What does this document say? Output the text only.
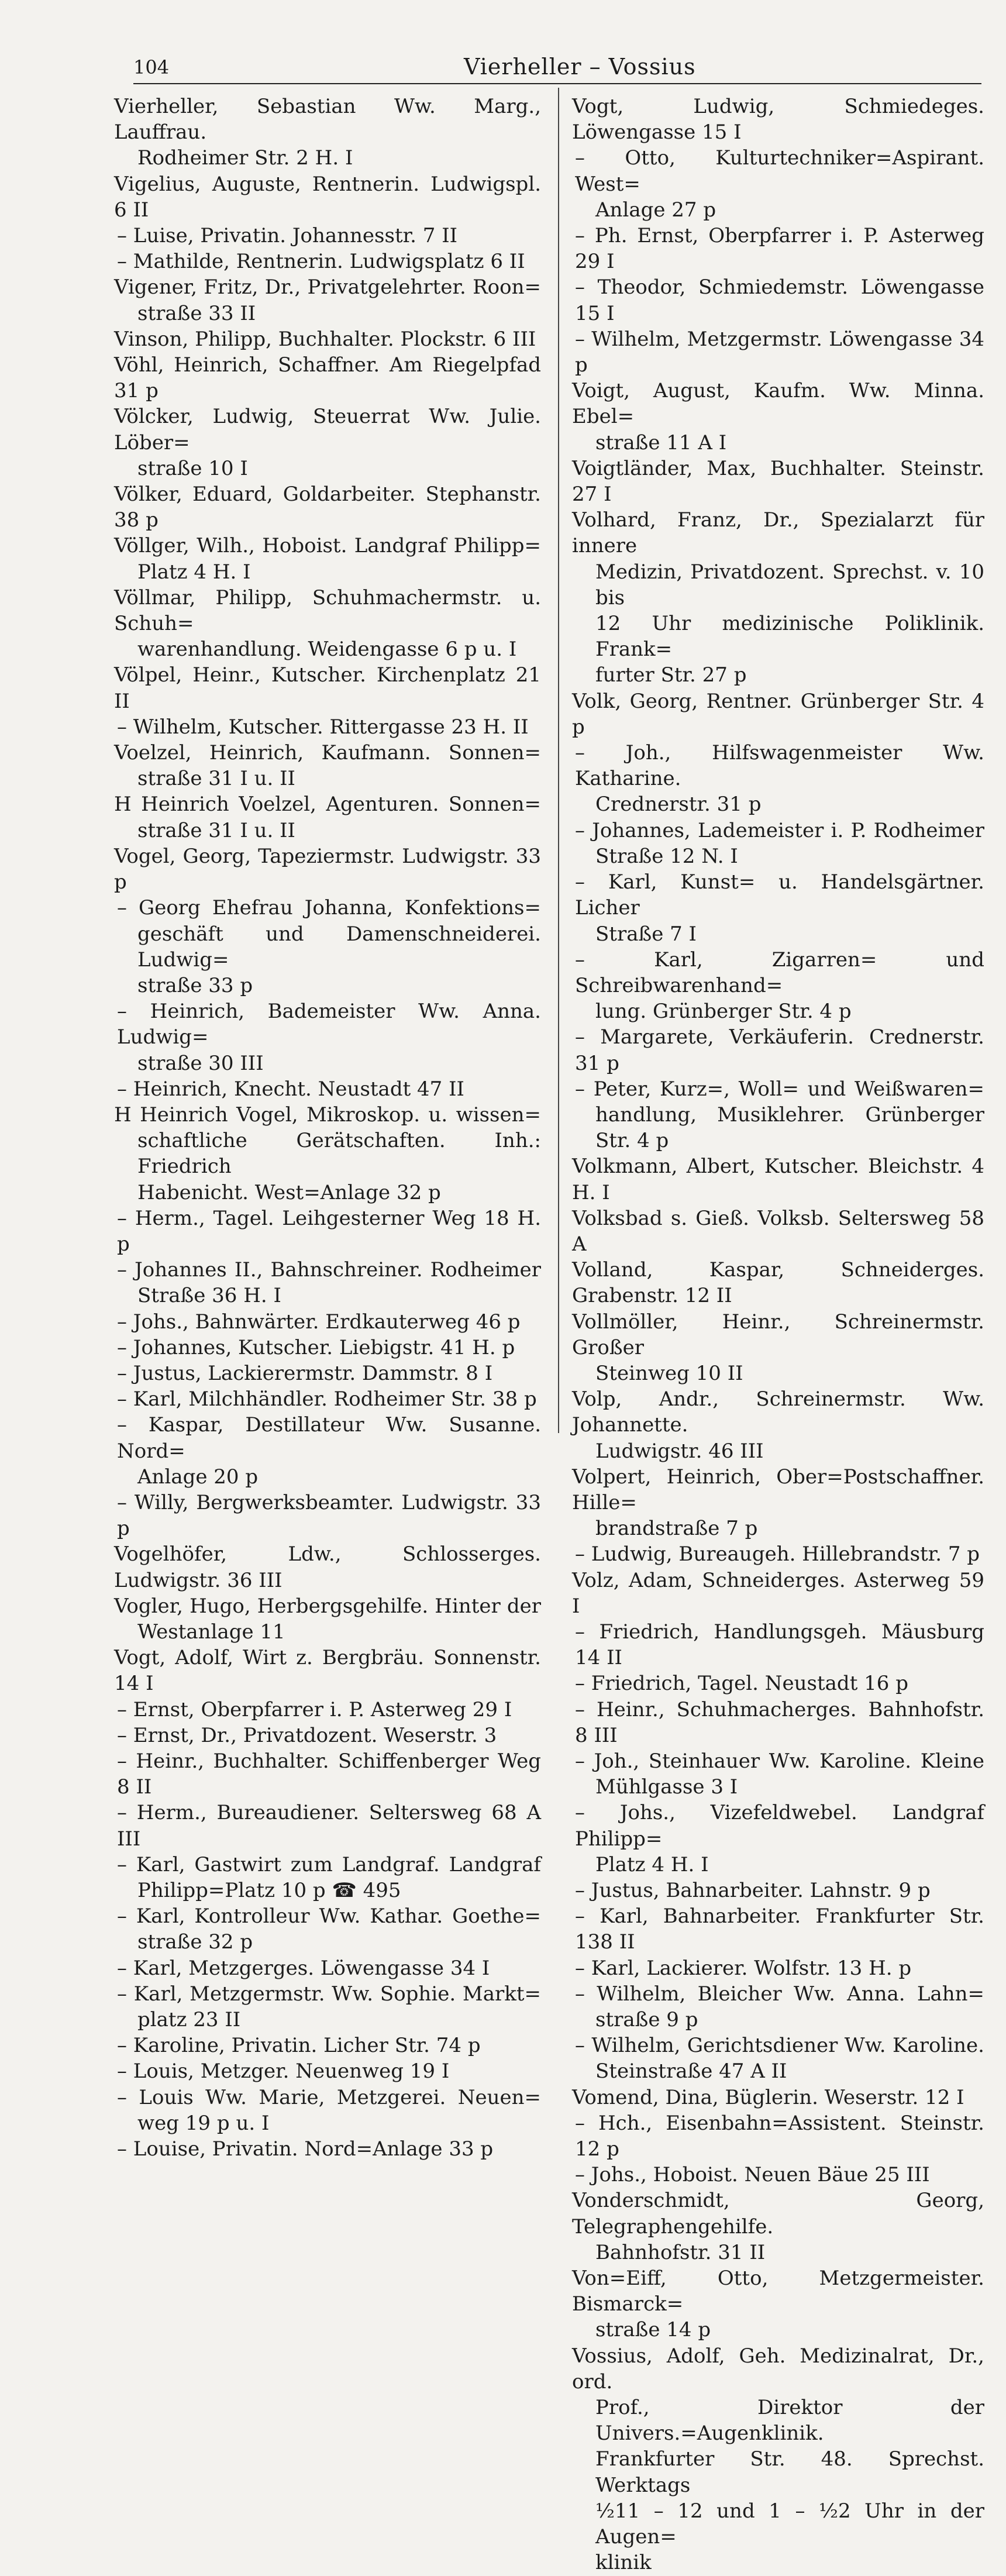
104	Vierheller – Vossius

Vierheller, Sebastian Ww. Marg., Lauffrau.

Rodheimer Str. 2 H. I

Vigelius, Auguste, Rentnerin. Ludwigspl. 6 II

– Luise, Privatin. Johannesstr. 7 II

– Mathilde, Rentnerin. Ludwigsplatz 6 II

Vigener, Fritz, Dr., Privatgelehrter. Roon=

straße 33 II

Vinson, Philipp, Buchhalter. Plockstr. 6 III

Vöhl, Heinrich, Schaffner. Am Riegelpfad 31 p

Völcker, Ludwig, Steuerrat Ww. Julie. Löber=

straße 10 I

Völker, Eduard, Goldarbeiter. Stephanstr. 38 p

Völlger, Wilh., Hoboist. Landgraf Philipp=

Platz 4 H. I

Völlmar, Philipp, Schuhmachermstr. u. Schuh=

warenhandlung. Weidengasse 6 p u. I

Völpel, Heinr., Kutscher. Kirchenplatz 21 II

– Wilhelm, Kutscher. Rittergasse 23 H. II

Voelzel, Heinrich, Kaufmann. Sonnen=

straße 31 I u. II

H Heinrich Voelzel, Agenturen. Sonnen=

straße 31 I u. II

Vogel, Georg, Tapeziermstr. Ludwigstr. 33 p

– Georg Ehefrau Johanna, Konfektions=

geschäft und Damenschneiderei. Ludwig=

straße 33 p

– Heinrich, Bademeister Ww. Anna. Ludwig=

straße 30 III

– Heinrich, Knecht. Neustadt 47 II

H Heinrich Vogel, Mikroskop. u. wissen=

schaftliche Gerätschaften. Inh.: Friedrich

Habenicht. West=Anlage 32 p

– Herm., Tagel. Leihgesterner Weg 18 H. p

– Johannes II., Bahnschreiner. Rodheimer

Straße 36 H. I

– Johs., Bahnwärter. Erdkauterweg 46 p

– Johannes, Kutscher. Liebigstr. 41 H. p

– Justus, Lackierermstr. Dammstr. 8 I

– Karl, Milchhändler. Rodheimer Str. 38 p

– Kaspar, Destillateur Ww. Susanne. Nord=

Anlage 20 p

– Willy, Bergwerksbeamter. Ludwigstr. 33 p

Vogelhöfer, Ldw., Schlosserges. Ludwigstr. 36 III

Vogler, Hugo, Herbergsgehilfe. Hinter der

Westanlage 11

Vogt, Adolf, Wirt z. Bergbräu. Sonnenstr. 14 I

– Ernst, Oberpfarrer i. P. Asterweg 29 I

– Ernst, Dr., Privatdozent. Weserstr. 3

– Heinr., Buchhalter. Schiffenberger Weg 8 II

– Herm., Bureaudiener. Seltersweg 68 A III

– Karl, Gastwirt zum Landgraf. Landgraf

Philipp=Platz 10 p ☎ 495

– Karl, Kontrolleur Ww. Kathar. Goethe=

straße 32 p

– Karl, Metzgerges. Löwengasse 34 I

– Karl, Metzgermstr. Ww. Sophie. Markt=

platz 23 II

– Karoline, Privatin. Licher Str. 74 p

– Louis, Metzger. Neuenweg 19 I

– Louis Ww. Marie, Metzgerei. Neuen=

weg 19 p u. I

– Louise, Privatin. Nord=Anlage 33 p

Vogt, Ludwig, Schmiedeges. Löwengasse 15 I

– Otto, Kulturtechniker=Aspirant. West=

Anlage 27 p

– Ph. Ernst, Oberpfarrer i. P. Asterweg 29 I

– Theodor, Schmiedemstr. Löwengasse 15 I

– Wilhelm, Metzgermstr. Löwengasse 34 p

Voigt, August, Kaufm. Ww. Minna. Ebel=

straße 11 A I

Voigtländer, Max, Buchhalter. Steinstr. 27 I

Volhard, Franz, Dr., Spezialarzt für innere

Medizin, Privatdozent. Sprechst. v. 10 bis

12 Uhr medizinische Poliklinik. Frank=

furter Str. 27 p

Volk, Georg, Rentner. Grünberger Str. 4 p

– Joh., Hilfswagenmeister Ww. Katharine.

Crednerstr. 31 p

– Johannes, Lademeister i. P. Rodheimer

Straße 12 N. I

– Karl, Kunst= u. Handelsgärtner. Licher

Straße 7 I

– Karl, Zigarren= und Schreibwarenhand=

lung. Grünberger Str. 4 p

– Margarete, Verkäuferin. Crednerstr. 31 p

– Peter, Kurz=, Woll= und Weißwaren=

handlung, Musiklehrer. Grünberger Str. 4 p

Volkmann, Albert, Kutscher. Bleichstr. 4 H. I

Volksbad s. Gieß. Volksb. Seltersweg 58 A

Volland, Kaspar, Schneiderges. Grabenstr. 12 II

Vollmöller, Heinr., Schreinermstr. Großer

Steinweg 10 II

Volp, Andr., Schreinermstr. Ww. Johannette.

Ludwigstr. 46 III

Volpert, Heinrich, Ober=Postschaffner. Hille=

brandstraße 7 p

– Ludwig, Bureaugeh. Hillebrandstr. 7 p

Volz, Adam, Schneiderges. Asterweg 59 I

– Friedrich, Handlungsgeh. Mäusburg 14 II

– Friedrich, Tagel. Neustadt 16 p

– Heinr., Schuhmacherges. Bahnhofstr. 8 III

– Joh., Steinhauer Ww. Karoline. Kleine

Mühlgasse 3 I

– Johs., Vizefeldwebel. Landgraf Philipp=

Platz 4 H. I

– Justus, Bahnarbeiter. Lahnstr. 9 p

– Karl, Bahnarbeiter. Frankfurter Str. 138 II

– Karl, Lackierer. Wolfstr. 13 H. p

– Wilhelm, Bleicher Ww. Anna. Lahn=

straße 9 p

– Wilhelm, Gerichtsdiener Ww. Karoline.

Steinstraße 47 A II

Vomend, Dina, Büglerin. Weserstr. 12 I

– Hch., Eisenbahn=Assistent. Steinstr. 12 p

– Johs., Hoboist. Neuen Bäue 25 III

Vonderschmidt, Georg, Telegraphengehilfe.

Bahnhofstr. 31 II

Von=Eiff, Otto, Metzgermeister. Bismarck=

straße 14 p

Vossius, Adolf, Geh. Medizinalrat, Dr., ord.

Prof., Direktor der Univers.=Augenklinik.

Frankfurter Str. 48. Sprechst. Werktags

½11 – 12 und 1 – ½2 Uhr in der Augen=

klinik
